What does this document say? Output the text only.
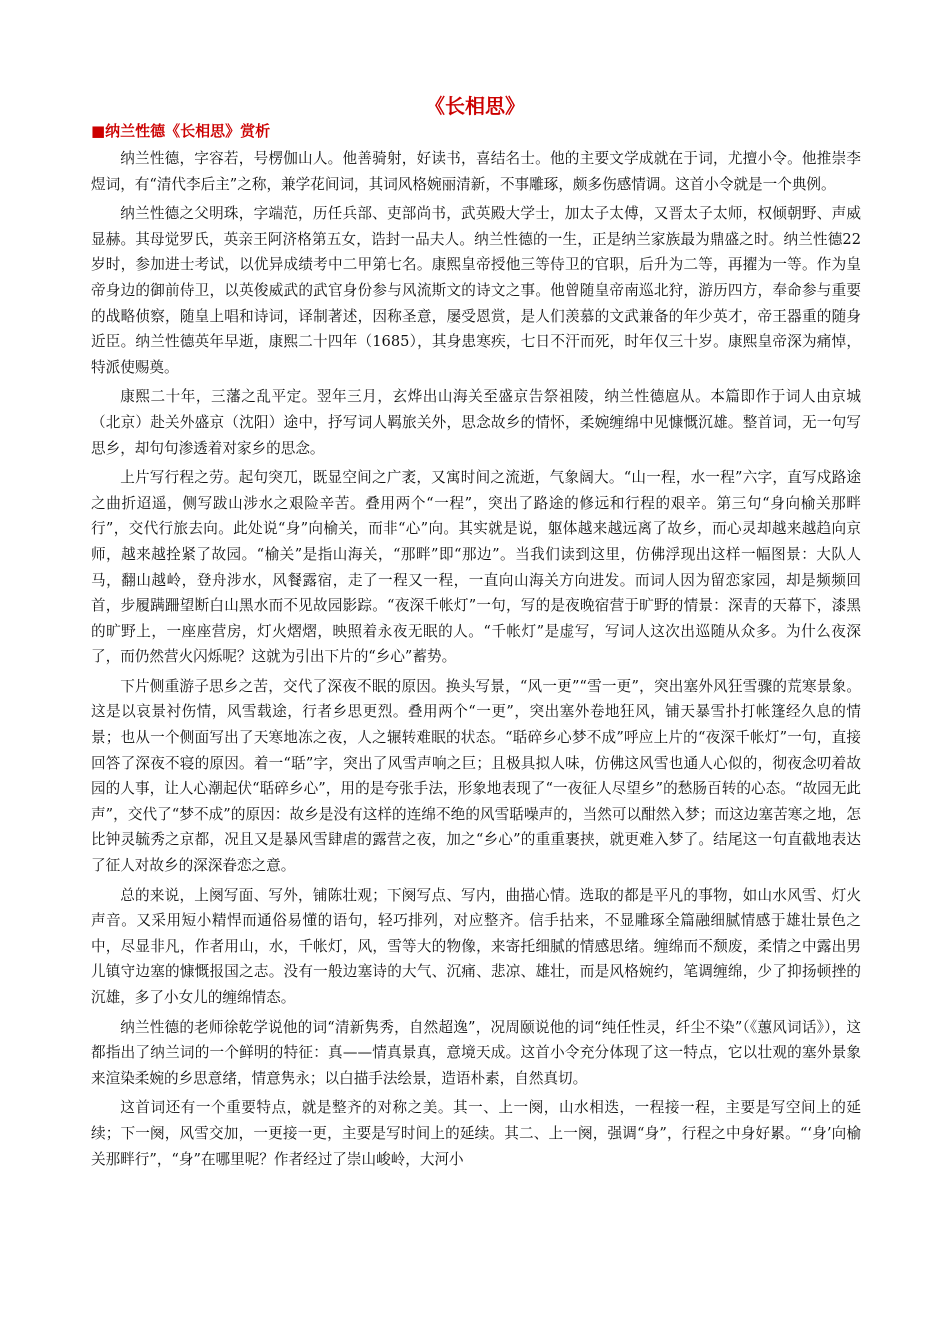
《长相思》
■纳兰性德《长相思》赏析

纳兰性德，字容若，号楞伽山人。他善骑射，好读书，喜结名士。他的主要文学成就在于词，尤擅小令。他推崇李煜词，有“清代李后主”之称，兼学花间词，其词风格婉丽清新，不事雕琢，颇多伤感情调。这首小令就是一个典例。

纳兰性德之父明珠，字端范，历任兵部、吏部尚书，武英殿大学士，加太子太傅，又晋太子太师，权倾朝野、声威显赫。其母觉罗氏，英亲王阿济格第五女，诰封一品夫人。纳兰性德的一生，正是纳兰家族最为鼎盛之时。纳兰性德22岁时，参加进士考试，以优异成绩考中二甲第七名。康熙皇帝授他三等侍卫的官职，后升为二等，再擢为一等。作为皇帝身边的御前侍卫，以英俊威武的武官身份参与风流斯文的诗文之事。他曾随皇帝南巡北狩，游历四方，奉命参与重要的战略侦察，随皇上唱和诗词，译制著述，因称圣意，屡受恩赏，是人们羡慕的文武兼备的年少英才，帝王器重的随身近臣。纳兰性德英年早逝，康熙二十四年（1685），其身患寒疾，七日不汗而死，时年仅三十岁。康熙皇帝深为痛悼，特派使赐奠。

康熙二十年，三藩之乱平定。翌年三月，玄烨出山海关至盛京告祭祖陵，纳兰性德扈从。本篇即作于词人由京城（北京）赴关外盛京（沈阳）途中，抒写词人羁旅关外，思念故乡的情怀，柔婉缠绵中见慷慨沉雄。整首词，无一句写思乡，却句句渗透着对家乡的思念。

上片写行程之劳。起句突兀，既显空间之广袤，又寓时间之流逝，气象阔大。“山一程，水一程”六字，直写戍路途之曲折迢遥，侧写跋山涉水之艰险辛苦。叠用两个“一程”，突出了路途的修远和行程的艰辛。第三句“身向榆关那畔行”，交代行旅去向。此处说“身”向榆关，而非“心”向。其实就是说，躯体越来越远离了故乡，而心灵却越来越趋向京师，越来越拴紧了故园。“榆关”是指山海关，“那畔”即“那边”。当我们读到这里，仿佛浮现出这样一幅图景：大队人马，翻山越岭，登舟涉水，风餐露宿，走了一程又一程，一直向山海关方向进发。而词人因为留恋家园，却是频频回首，步履蹒跚望断白山黑水而不见故园影踪。“夜深千帐灯”一句，写的是夜晚宿营于旷野的情景：深青的天幕下，漆黑的旷野上，一座座营房，灯火熠熠，映照着永夜无眠的人。“千帐灯”是虚写，写词人这次出巡随从众多。为什么夜深了，而仍然营火闪烁呢？这就为引出下片的“乡心”蓄势。

下片侧重游子思乡之苦，交代了深夜不眠的原因。换头写景，“风一更”“雪一更”，突出塞外风狂雪骤的荒寒景象。这是以哀景衬伤情，风雪载途，行者乡思更烈。叠用两个“一更”，突出塞外卷地狂风，铺天暴雪扑打帐篷经久息的情景；也从一个侧面写出了天寒地冻之夜，人之辗转难眠的状态。“聒碎乡心梦不成”呼应上片的“夜深千帐灯”一句，直接回答了深夜不寝的原因。着一“聒”字，突出了风雪声响之巨；且极具拟人味，仿佛这风雪也通人心似的，彻夜念叨着故园的人事，让人心潮起伏“聒碎乡心”，用的是夸张手法，形象地表现了“一夜征人尽望乡”的愁肠百转的心态。“故园无此声”，交代了“梦不成”的原因：故乡是没有这样的连绵不绝的风雪聒噪声的，当然可以酣然入梦；而这边塞苦寒之地，怎比钟灵毓秀之京都，况且又是暴风雪肆虐的露营之夜，加之“乡心”的重重裹挟，就更难入梦了。结尾这一句直截地表达了征人对故乡的深深眷恋之意。

总的来说，上阕写面、写外，铺陈壮观；下阕写点、写内，曲描心情。选取的都是平凡的事物，如山水风雪、灯火声音。又采用短小精悍而通俗易懂的语句，轻巧排列，对应整齐。信手拈来，不显雕琢全篇融细腻情感于雄壮景色之中，尽显非凡，作者用山，水，千帐灯，风，雪等大的物像，来寄托细腻的情感思绪。缠绵而不颓废，柔情之中露出男儿镇守边塞的慷慨报国之志。没有一般边塞诗的大气、沉痛、悲凉、雄壮，而是风格婉约，笔调缠绵，少了抑扬顿挫的沉雄，多了小女儿的缠绵情态。

纳兰性德的老师徐乾学说他的词“清新隽秀，自然超逸”，况周颐说他的词“纯任性灵，纤尘不染”（《蕙风词话》），这都指出了纳兰词的一个鲜明的特征：真——情真景真，意境天成。这首小令充分体现了这一特点，它以壮观的塞外景象来渲染柔婉的乡思意绪，情意隽永；以白描手法绘景，造语朴素，自然真切。

这首词还有一个重要特点，就是整齐的对称之美。其一、上一阕，山水相迭，一程接一程，主要是写空间上的延续；下一阕，风雪交加，一更接一更，主要是写时间上的延续。其二、上一阕，强调“身”，行程之中身好累。“‘身’向榆关那畔行”，“身”在哪里呢？作者经过了崇山峻岭，大河小
